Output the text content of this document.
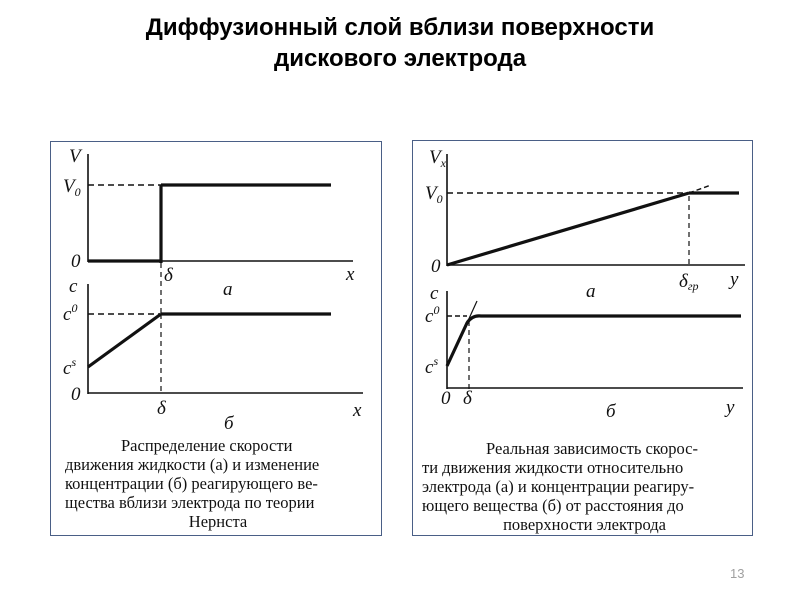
Диффузионный слой вблизи поверхности
дискового электрода
V
$V_0$
0
δ	x
а
c
$c^0$
$c^s$
0
δ	x
б
Распределение скорости
движения жидкости (а) и изменение
концентрации (б) реагирующего ве-
щества вблизи электрода по теории
Нернста
$V_x$
$V_0$
0
δгр y
а
c
$c^0$
$c^s$
0 δ	y
б
Реальная зависимость скорос-
ти движения жидкости относительно
электрода (а) и концентрации реагиру-
ющего вещества (б) от расстояния до
поверхности электрода
13
